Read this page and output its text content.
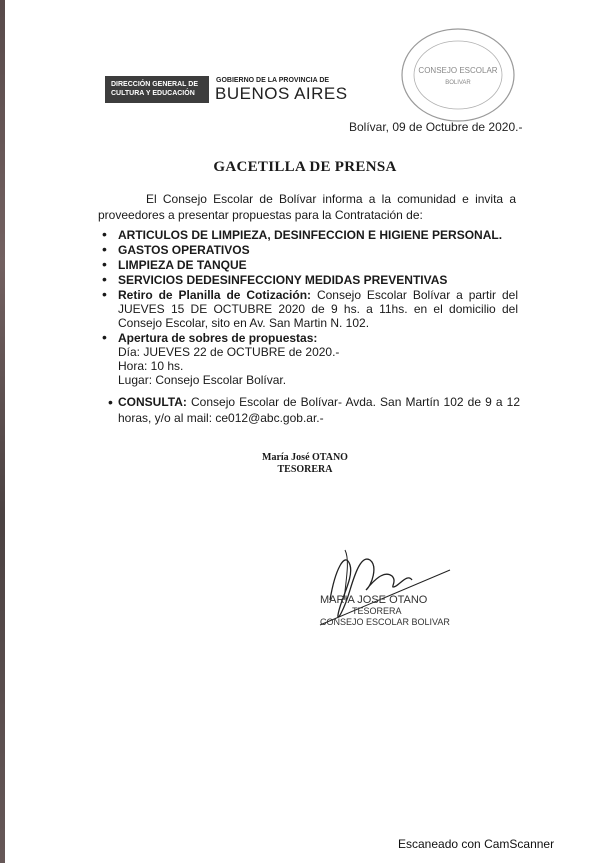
DIRECCIÓN GENERAL DE
CULTURA Y EDUCACIÓN
GOBIERNO DE LA PROVINCIA DE
BUENOS AIRES
CONSEJO ESCOLAR
BOLIVAR
Bolívar, 09 de Octubre de 2020.-
GACETILLA DE PRENSA
El Consejo Escolar de Bolívar informa a la comunidad e invita a proveedores a presentar propuestas para la Contratación de:
• ARTICULOS DE LIMPIEZA, DESINFECCION E HIGIENE PERSONAL.
• GASTOS OPERATIVOS
• LIMPIEZA DE TANQUE
• SERVICIOS DEDESINFECCIONY MEDIDAS PREVENTIVAS
• Retiro de Planilla de Cotización: Consejo Escolar Bolívar a partir del JUEVES 15 DE OCTUBRE 2020 de 9 hs. a 11hs. en el domicilio del Consejo Escolar, sito en Av. San Martin N. 102.
• Apertura de sobres de propuestas:
Día: JUEVES 22 de OCTUBRE de 2020.-
Hora: 10 hs.
Lugar: Consejo Escolar Bolívar.
• CONSULTA: Consejo Escolar de Bolívar- Avda. San Martín 102 de 9 a 12 horas, y/o al mail: ce012@abc.gob.ar.-
María José OTANO
TESORERA
MARIA JOSE OTANO
TESORERA
CONSEJO ESCOLAR BOLIVAR
Escaneado con CamScanner
